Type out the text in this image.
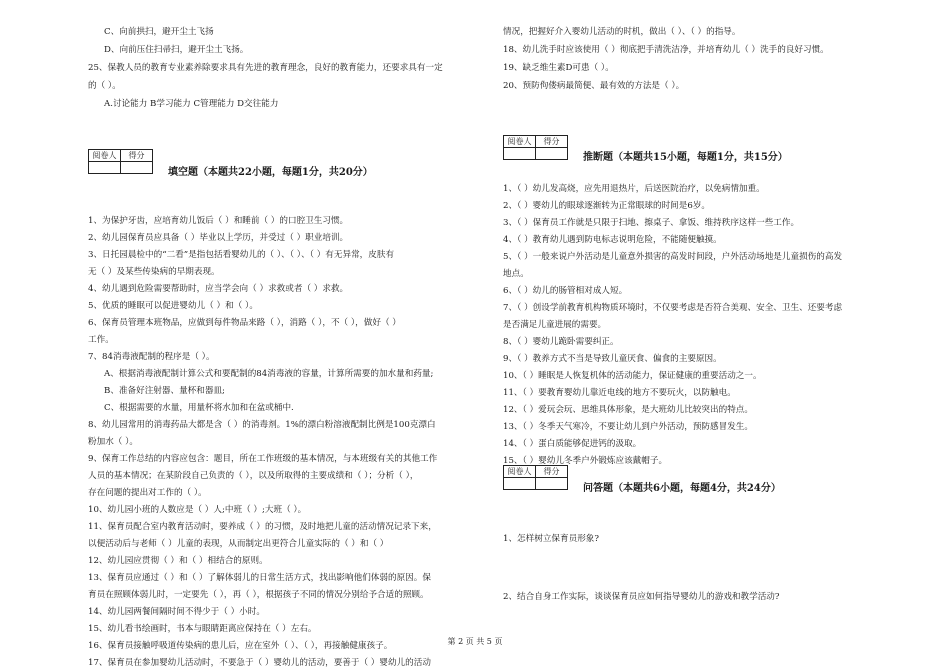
C、向前拱扫，避开尘土飞扬
D、向前压住扫帚扫，避开尘土飞扬。
25、保教人员的教育专业素养除要求具有先进的教育理念，良好的教育能力，还要求具有一定
的（ ）。
A.讨论能力 B学习能力 C管理能力 D交往能力
1、为保护牙齿，应培育幼儿饭后（ ）和睡前（ ）的口腔卫生习惯。
2、幼儿园保育员应具备（ ）毕业以上学历，并受过（ ）职业培训。
3、日托园晨检中的“二看”是指包括看婴幼儿的（ ）、（ ）、（ ）有无异常，皮肤有
无（ ）及某些传染病的早期表现。
4、幼儿遇到危险需要帮助时，应当学会向（ ）求救或者（ ）求救。
5、优质的睡眠可以促进婴幼儿（ ）和（ ）。
6、保育员管理本班物品，应做到每件物品来路（ ），消路（ ），不（ ），做好（ ）
工作。
7、84消毒液配制的程序是（ ）。
A、根据消毒液配制计算公式和要配制的84消毒液的容量，计算所需要的加水量和药量;
B、准备好注射器、量杯和器皿;
C、根据需要的水量，用量杯将水加和在盆或桶中.
8、幼儿园常用的消毒药品大都是含（ ）的消毒剂。1%的漂白粉溶液配制比例是100克漂白
粉加水（ ）。
9、保育工作总结的内容应包含：题目，所在工作班级的基本情况，与本班级有关的其他工作
人员的基本情况；在某阶段自己负责的（ ），以及所取得的主要成绩和（ ）；分析（ ），
存在问题的提出对工作的（ ）。
10、幼儿园小班的人数应是（ ）人;中班（ ）;大班（ ）。
11、保育员配合室内教育活动时，要养成（ ）的习惯，及时地把儿童的活动情况记录下来，
以便活动后与老师（ ）儿童的表现，从而制定出更符合儿童实际的（ ）和（ ）
12、幼儿园应贯彻（ ）和（ ）相结合的原则。
13、保育员应通过（ ）和（ ）了解体弱儿的日常生活方式，找出影响他们体弱的原因。保
育员在照顾体弱儿时，一定要先（ ），再（ ），根据孩子不同的情况分别给予合适的照顾。
14、幼儿园两餐间隔时间不得少于（ ）小时。
15、幼儿看书绘画时，书本与眼睛距离应保持在（ ）左右。
16、保育员接触呼吸道传染病的患儿后，应在室外（ ）、（ ），再接触健康孩子。
17、保育员在参加婴幼儿活动时，不要急于（ ）婴幼儿的活动，要善于（ ）婴幼儿的活动
情况，把握好介入婴幼儿活动的时机，做出（ ）、（ ）的指导。
18、幼儿洗手时应该使用（ ）彻底把手清洗洁净，并培育幼儿（ ）洗手的良好习惯。
19、缺乏维生素D可患（ ）。
20、预防佝偻病最简便、最有效的方法是（ ）。
1、（ ）幼儿发高烧，应先用退热片，后送医院治疗，以免病情加重。
2、（ ）婴幼儿的眼球逐渐转为正常眼球的时间是6岁。
3、（ ）保育员工作就是只限于扫地、擦桌子、拿饭、维持秩序这样一些工作。
4、（ ）教育幼儿遇到防电标志说明危险，不能随便触摸。
5、（ ）一般来说户外活动是儿童意外损害的高发时间段，户外活动场地是儿童损伤的高发
地点。
6、（ ）幼儿的肠管相对成人短。
7、（ ）创设学前教育机构物质环境时，不仅要考虑是否符合美观、安全、卫生、还要考虑
是否满足儿童进展的需要。
8、（ ）婴幼儿跪卧需要纠正。
9、（ ）教养方式不当是导致儿童厌食、偏食的主要原因。
10、（ ）睡眠是人恢复机体的活动能力，保证健康的重要活动之一。
11、（ ）要教育婴幼儿靠近电线的地方不要玩火，以防触电。
12、（ ）爱玩会玩、思维具体形象，是大班幼儿比较突出的特点。
13、（ ）冬季天气寒冷，不要让幼儿到户外活动，预防感冒发生。
14、（ ）蛋白质能够促进钙的汲取。
15、（ ）婴幼儿冬季户外锻炼应该戴帽子。
1、怎样树立保育员形象?
2、结合自身工作实际，谈谈保育员应如何指导婴幼儿的游戏和教学活动?
阅卷人	得分

填空题（本题共22小题，每题1分，共20分）
阅卷人	得分

推断题（本题共15小题，每题1分，共15分）
阅卷人	得分

问答题（本题共6小题，每题4分，共24分）
第 2 页 共 5 页
